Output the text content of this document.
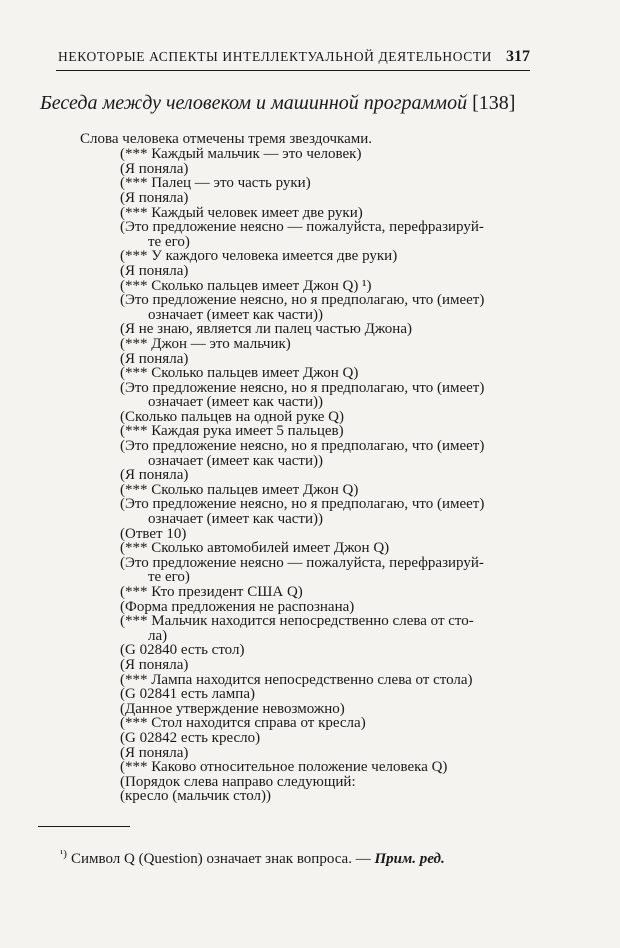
НЕКОТОРЫЕ АСПЕКТЫ ИНТЕЛЛЕКТУАЛЬНОЙ ДЕЯТЕЛЬНОСТИ 317
Беседа между человеком и машинной программой [138]
Слова человека отмечены тремя звездочками.
(*** Каждый мальчик — это человек)
(Я поняла)
(*** Палец — это часть руки)
(Я поняла)
(*** Каждый человек имеет две руки)
(Это предложение неясно — пожалуйста, перефразируй-
те его)
(*** У каждого человека имеется две руки)
(Я поняла)
(*** Сколько пальцев имеет Джон Q) ¹)
(Это предложение неясно, но я предполагаю, что (имеет)
означает (имеет как части))
(Я не знаю, является ли палец частью Джона)
(*** Джон — это мальчик)
(Я поняла)
(*** Сколько пальцев имеет Джон Q)
(Это предложение неясно, но я предполагаю, что (имеет)
означает (имеет как части))
(Сколько пальцев на одной руке Q)
(*** Каждая рука имеет 5 пальцев)
(Это предложение неясно, но я предполагаю, что (имеет)
означает (имеет как части))
(Я поняла)
(*** Сколько пальцев имеет Джон Q)
(Это предложение неясно, но я предполагаю, что (имеет)
означает (имеет как части))
(Ответ 10)
(*** Сколько автомобилей имеет Джон Q)
(Это предложение неясно — пожалуйста, перефразируй-
те его)
(*** Кто президент США Q)
(Форма предложения не распознана)
(*** Мальчик находится непосредственно слева от сто-
ла)
(G 02840 есть стол)
(Я поняла)
(*** Лампа находится непосредственно слева от стола)
(G 02841 есть лампа)
(Данное утверждение невозможно)
(*** Стол находится справа от кресла)
(G 02842 есть кресло)
(Я поняла)
(*** Каково относительное положение человека Q)
(Порядок слева направо следующий:
(кресло (мальчик стол))
$^{^1)}$ Символ Q (Question) означает знак вопроса. — Прим. ред.
